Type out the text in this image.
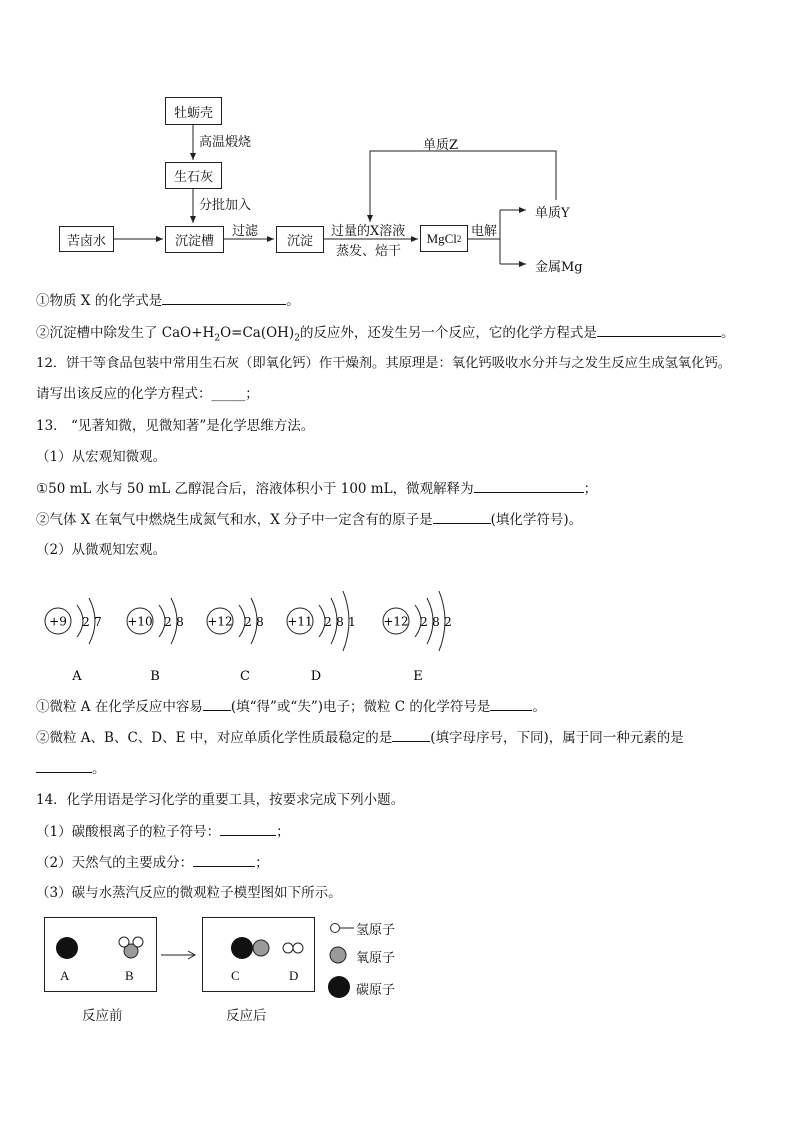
牡蛎壳
高温煅烧
生石灰
分批加入
苦卤水	沉淀槽
过滤
沉淀
过量的X溶液
蒸发、焙干
MgCl 2 电解
单质Z
单质Y
金属Mg
①物质 X 的化学式是	。
②沉淀槽中除发生了 $CaO+H_2O=Ca(OH)_2$的反应外，还发生另一个反应，它的化学方程式是	。
12．饼干等食品包装中常用生石灰（即氧化钙）作干燥剂。其原理是：氧化钙吸收水分并与之发生反应生成氢氧化钙。
请写出该反应的化学方程式：_____；
13． “见著知微，见微知著”是化学思维方法。
（1）从宏观知微观。
①50 mL 水与 50 mL 乙醇混合后，溶液体积小于 100 mL，微观解释为	；
②气体 X 在氧气中燃烧生成氮气和水，X 分子中一定含有的原子是	(填化学符号)。
（2）从微观知宏观。
+9 2 7
A
+10 2 8
B
+12 2 8
C
+11 2 8 1
D
+12 2 8 2
E
①微粒 A 在化学反应中容易 (填“得”或“失”)电子；微粒 C 的化学符号是	。
②微粒 A、B、C、D、E 中，对应单质化学性质最稳定的是	(填字母序号，下同)，属于同一种元素的是
。
14．化学用语是学习化学的重要工具，按要求完成下列小题。
（1）碳酸根离子的粒子符号：	；
（2）天然气的主要成分：	；
（3）碳与水蒸汽反应的微观粒子模型图如下所示。
A	B	C	D
反应前	反应后
氢原子
氧原子
碳原子
